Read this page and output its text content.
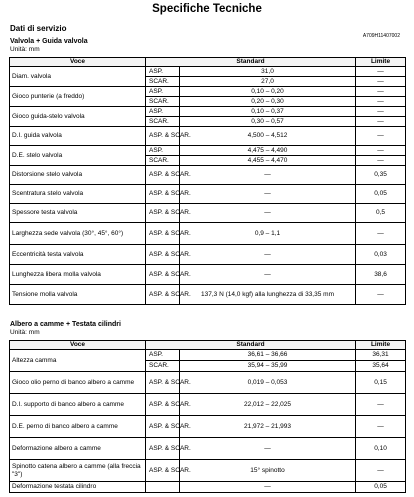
Specifiche Tecniche
Dati di servizio
A709H11407002
Valvola + Guida valvola
Unità: mm
Voce	Standard		Limite
Diam. valvola	ASP.	31,0	—
	SCAR.	27,0	—
Gioco punterie (a freddo)	ASP.	0,10 – 0,20	—
	SCAR.	0,20 – 0,30	—
Gioco guida-stelo valvola	ASP.	0,10 – 0,37	—
	SCAR.	0,30 – 0,57	—
D.I. guida valvola	ASP. & SCAR.	4,500 – 4,512	—
D.E. stelo valvola	ASP.	4,475 – 4,490	—
	SCAR.	4,455 – 4,470	—
Distorsione stelo valvola	ASP. & SCAR.	—	0,35
Scentratura stelo valvola	ASP. & SCAR.	—	0,05
Spessore testa valvola	ASP. & SCAR.	—	0,5
Larghezza sede valvola (30°, 45°, 60°)	ASP. & SCAR.	0,9 – 1,1	—
Eccentricità testa valvola	ASP. & SCAR.	—	0,03
Lunghezza libera molla valvola	ASP. & SCAR.	—	38,6
Tensione molla valvola	ASP. & SCAR.	137,3 N (14,0 kgf) alla lunghezza di 33,35 mm	—
Albero a camme + Testata cilindri
Unità: mm
Voce	Standard		Limite
Altezza camma	ASP.	36,61 – 36,66	36,31
	SCAR.	35,94 – 35,99	35,64
Gioco olio perno di banco albero a camme	ASP. & SCAR.	0,019 – 0,053	0,15
D.I. supporto di banco albero a camme	ASP. & SCAR.	22,012 – 22,025	—
D.E. perno di banco albero a camme	ASP. & SCAR.	21,972 – 21,993	—
Deformazione albero a camme	ASP. & SCAR.	—	0,10
Spinotto catena albero a camme (alla freccia "3")	ASP. & SCAR.	15° spinotto	—
Deformazione testata cilindro		—	0,05
